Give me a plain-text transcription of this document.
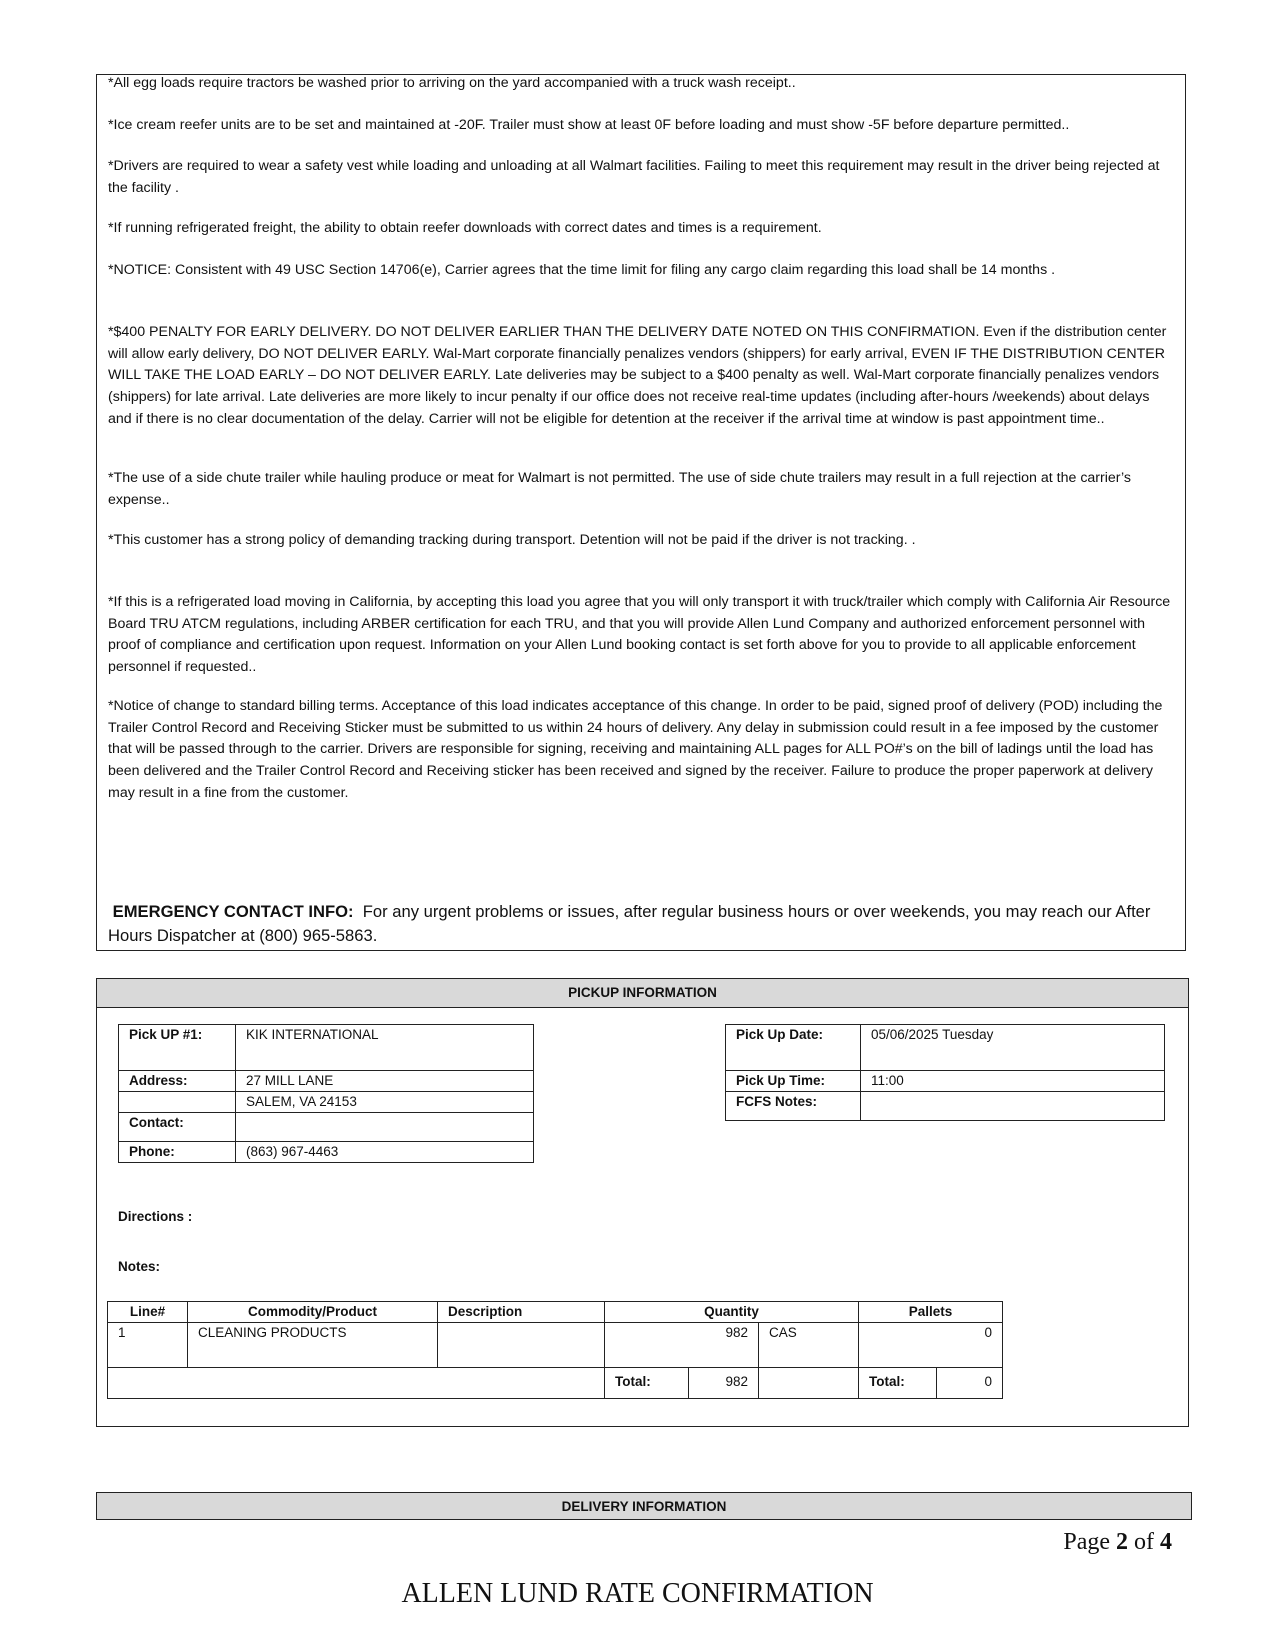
*All egg loads require tractors be washed prior to arriving on the yard accompanied with a truck wash receipt..
*Ice cream reefer units are to be set and maintained at -20F. Trailer must show at least 0F before loading and must show -5F before departure permitted..
*Drivers are required to wear a safety vest while loading and unloading at all Walmart facilities. Failing to meet this requirement may result in the driver being rejected at the facility .
*If running refrigerated freight, the ability to obtain reefer downloads with correct dates and times is a requirement.
*NOTICE: Consistent with 49 USC Section 14706(e), Carrier agrees that the time limit for filing any cargo claim regarding this load shall be 14 months .
*$400 PENALTY FOR EARLY DELIVERY. DO NOT DELIVER EARLIER THAN THE DELIVERY DATE NOTED ON THIS CONFIRMATION. Even if the distribution center will allow early delivery, DO NOT DELIVER EARLY. Wal-Mart corporate financially penalizes vendors (shippers) for early arrival, EVEN IF THE DISTRIBUTION CENTER WILL TAKE THE LOAD EARLY – DO NOT DELIVER EARLY. Late deliveries may be subject to a $400 penalty as well. Wal-Mart corporate financially penalizes vendors (shippers) for late arrival. Late deliveries are more likely to incur penalty if our office does not receive real-time updates (including after-hours /weekends) about delays and if there is no clear documentation of the delay. Carrier will not be eligible for detention at the receiver if the arrival time at window is past appointment time..
*The use of a side chute trailer while hauling produce or meat for Walmart is not permitted. The use of side chute trailers may result in a full rejection at the carrier’s expense..
*This customer has a strong policy of demanding tracking during transport. Detention will not be paid if the driver is not tracking. .
*If this is a refrigerated load moving in California, by accepting this load you agree that you will only transport it with truck/trailer which comply with California Air Resource Board TRU ATCM regulations, including ARBER certification for each TRU, and that you will provide Allen Lund Company and authorized enforcement personnel with proof of compliance and certification upon request. Information on your Allen Lund booking contact is set forth above for you to provide to all applicable enforcement personnel if requested..
*Notice of change to standard billing terms. Acceptance of this load indicates acceptance of this change. In order to be paid, signed proof of delivery (POD) including the Trailer Control Record and Receiving Sticker must be submitted to us within 24 hours of delivery. Any delay in submission could result in a fee imposed by the customer that will be passed through to the carrier. Drivers are responsible for signing, receiving and maintaining ALL pages for ALL PO#’s on the bill of ladings until the load has been delivered and the Trailer Control Record and Receiving sticker has been received and signed by the receiver. Failure to produce the proper paperwork at delivery may result in a fine from the customer.
EMERGENCY CONTACT INFO: For any urgent problems or issues, after regular business hours or over weekends, you may reach our After Hours Dispatcher at (800) 965-5863.
PICKUP INFORMATION
Pick UP #1:	KIK INTERNATIONAL
Address:	27 MILL LANE
	SALEM, VA 24153
Contact:	
Phone:	(863) 967-4463
Pick Up Date:	05/06/2025 Tuesday
Pick Up Time:	11:00
FCFS Notes:	
Directions :
Notes:
Line#	Commodity/Product	Description	Quantity			Pallets	
1	CLEANING PRODUCTS		982		CAS	0	
			Total:	982		Total:	0
DELIVERY INFORMATION
Page 2 of 4
ALLEN LUND RATE CONFIRMATION
